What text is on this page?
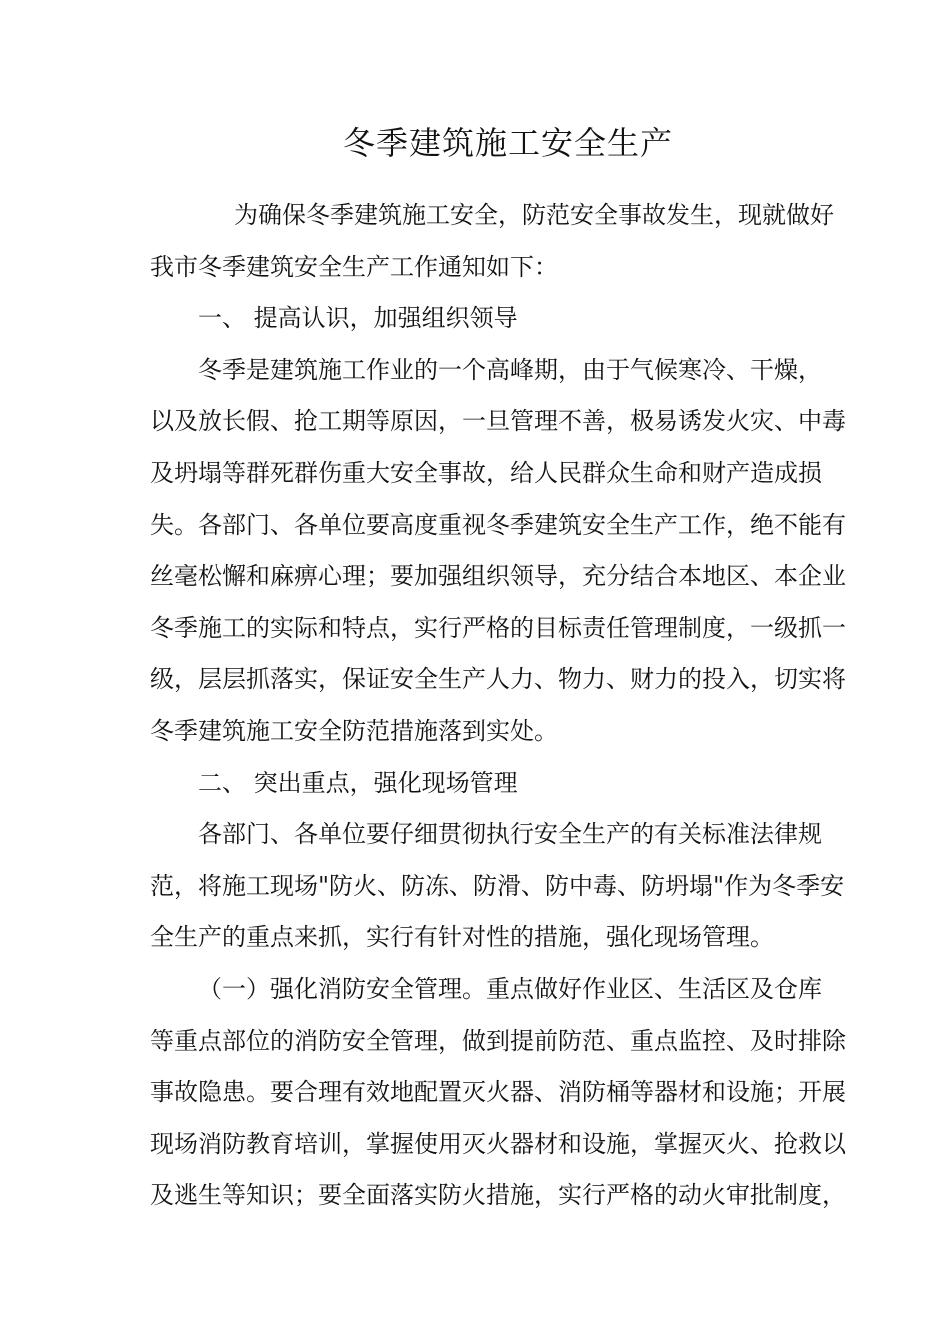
冬季建筑施工安全生产
为确保冬季建筑施工安全，防范安全事故发生，现就做好
我市冬季建筑安全生产工作通知如下：
一、 提高认识，加强组织领导
冬季是建筑施工作业的一个高峰期，由于气候寒冷、干燥，
以及放长假、抢工期等原因，一旦管理不善，极易诱发火灾、中毒
及坍塌等群死群伤重大安全事故，给人民群众生命和财产造成损
失。各部门、各单位要高度重视冬季建筑安全生产工作，绝不能有
丝毫松懈和麻痹心理；要加强组织领导，充分结合本地区、本企业
冬季施工的实际和特点，实行严格的目标责任管理制度，一级抓一
级，层层抓落实，保证安全生产人力、物力、财力的投入，切实将
冬季建筑施工安全防范措施落到实处。
二、 突出重点，强化现场管理
各部门、各单位要仔细贯彻执行安全生产的有关标准法律规
范，将施工现场"防火、防冻、防滑、防中毒、防坍塌"作为冬季安
全生产的重点来抓，实行有针对性的措施，强化现场管理。
（一）强化消防安全管理。重点做好作业区、生活区及仓库
等重点部位的消防安全管理，做到提前防范、重点监控、及时排除
事故隐患。要合理有效地配置灭火器、消防桶等器材和设施；开展
现场消防教育培训，掌握使用灭火器材和设施，掌握灭火、抢救以
及逃生等知识；要全面落实防火措施，实行严格的动火审批制度，
